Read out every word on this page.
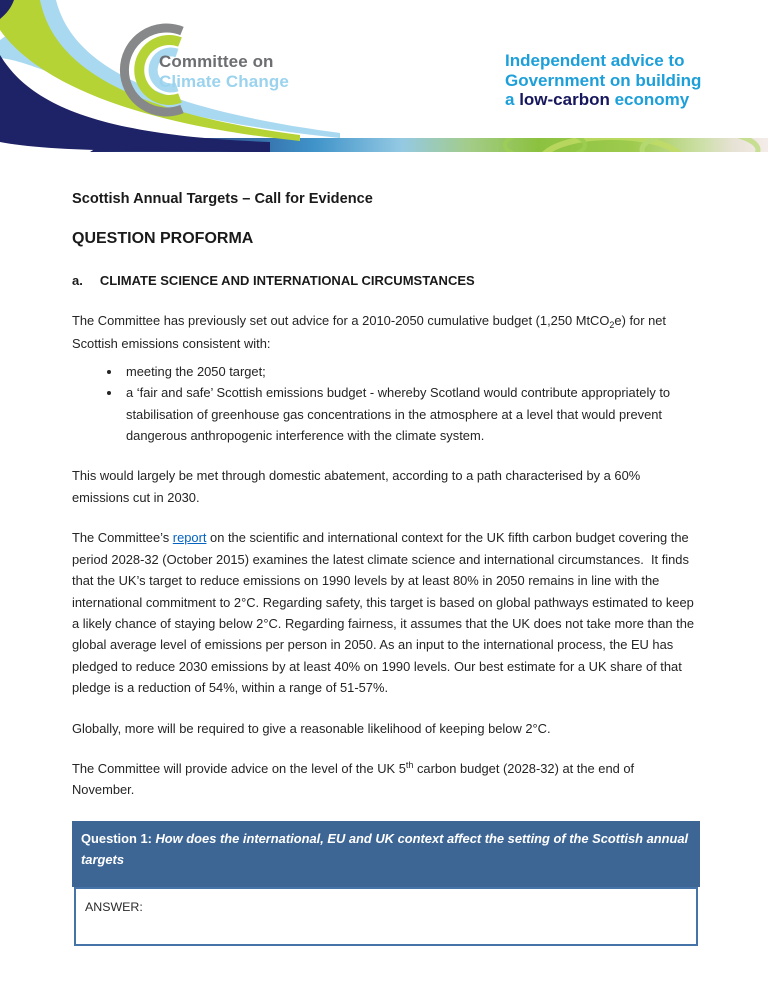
Committee on
Climate Change
Independent advice to
Government on building
a low-carbon economy
Scottish Annual Targets – Call for Evidence
QUESTION PROFORMA
a. CLIMATE SCIENCE AND INTERNATIONAL CIRCUMSTANCES

The Committee has previously set out advice for a 2010-2050 cumulative budget (1,250 MtCO$_2$e) for net Scottish emissions consistent with:

• meeting the 2050 target;
• a ‘fair and safe’ Scottish emissions budget - whereby Scotland would contribute appropriately to stabilisation of greenhouse gas concentrations in the atmosphere at a level that would prevent dangerous anthropogenic interference with the climate system.

This would largely be met through domestic abatement, according to a path characterised by a 60% emissions cut in 2030.

The Committee’s report on the scientific and international context for the UK fifth carbon budget covering the period 2028-32 (October 2015) examines the latest climate science and international circumstances.  It finds that the UK’s target to reduce emissions on 1990 levels by at least 80% in 2050 remains in line with the international commitment to 2°C. Regarding safety, this target is based on global pathways estimated to keep a likely chance of staying below 2°C. Regarding fairness, it assumes that the UK does not take more than the global average level of emissions per person in 2050. As an input to the international process, the EU has pledged to reduce 2030 emissions by at least 40% on 1990 levels. Our best estimate for a UK share of that pledge is a reduction of 54%, within a range of 51-57%.

Globally, more will be required to give a reasonable likelihood of keeping below 2°C.

The Committee will provide advice on the level of the UK 5th carbon budget (2028-32) at the end of November.

Question 1: How does the international, EU and UK context affect the setting of the Scottish annual targets
ANSWER:
